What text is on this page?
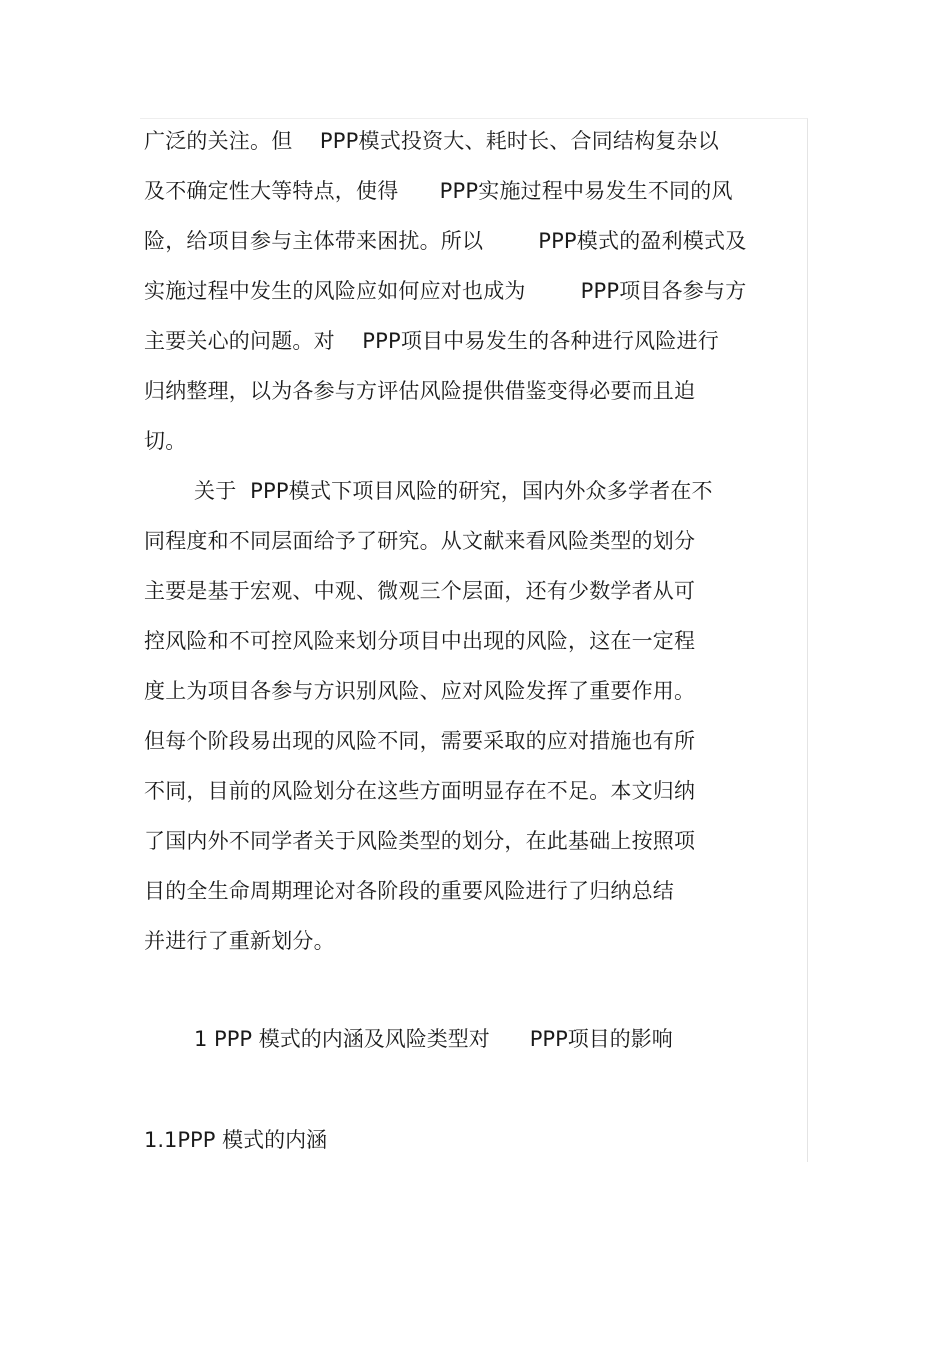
广泛的关注。但    PPP模式投资大、耗时长、合同结构复杂以
及不确定性大等特点，使得      PPP实施过程中易发生不同的风
险，给项目参与主体带来困扰。所以        PPP模式的盈利模式及
实施过程中发生的风险应如何应对也成为        PPP项目各参与方
主要关心的问题。对    PPP项目中易发生的各种进行风险进行
归纳整理，以为各参与方评估风险提供借鉴变得必要而且迫
切。
关于  PPP模式下项目风险的研究，国内外众多学者在不
同程度和不同层面给予了研究。从文献来看风险类型的划分
主要是基于宏观、中观、微观三个层面，还有少数学者从可
控风险和不可控风险来划分项目中出现的风险，这在一定程
度上为项目各参与方识别风险、应对风险发挥了重要作用。
但每个阶段易出现的风险不同，需要采取的应对措施也有所
不同，目前的风险划分在这些方面明显存在不足。本文归纳
了国内外不同学者关于风险类型的划分，在此基础上按照项
目的全生命周期理论对各阶段的重要风险进行了归纳总结
并进行了重新划分。
1 PPP 模式的内涵及风险类型对      PPP项目的影响
1.1PPP 模式的内涵
